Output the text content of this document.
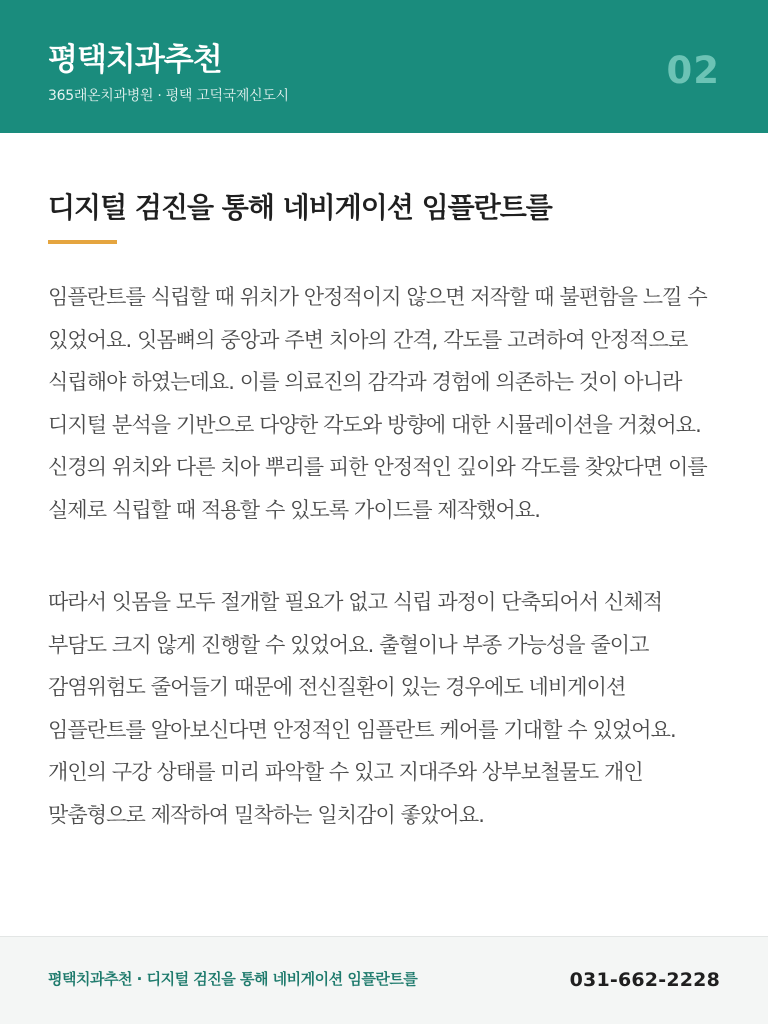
평택치과추천
365래온치과병원 · 평택 고덕국제신도시
02
디지털 검진을 통해 네비게이션 임플란트를

임플란트를 식립할 때 위치가 안정적이지 않으면 저작할 때 불편함을 느낄 수 있었어요. 잇몸뼈의 중앙과 주변 치아의 간격, 각도를 고려하여 안정적으로 식립해야 하였는데요. 이를 의료진의 감각과 경험에 의존하는 것이 아니라 디지털 분석을 기반으로 다양한 각도와 방향에 대한 시뮬레이션을 거쳤어요. 신경의 위치와 다른 치아 뿌리를 피한 안정적인 깊이와 각도를 찾았다면 이를 실제로 식립할 때 적용할 수 있도록 가이드를 제작했어요.

따라서 잇몸을 모두 절개할 필요가 없고 식립 과정이 단축되어서 신체적 부담도 크지 않게 진행할 수 있었어요. 출혈이나 부종 가능성을 줄이고 감염위험도 줄어들기 때문에 전신질환이 있는 경우에도 네비게이션 임플란트를 알아보신다면 안정적인 임플란트 케어를 기대할 수 있었어요. 개인의 구강 상태를 미리 파악할 수 있고 지대주와 상부보철물도 개인 맞춤형으로 제작하여 밀착하는 일치감이 좋았어요.

평택치과추천 · 디지털 검진을 통해 네비게이션 임플란트를	031-662-2228
